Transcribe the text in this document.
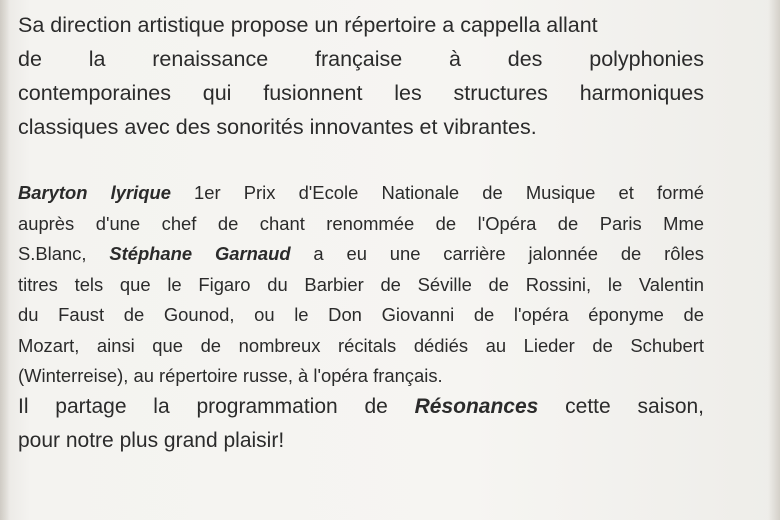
Sa direction artistique propose un répertoire a cappella allant
de la renaissance française à des polyphonies
contemporaines qui fusionnent les structures harmoniques
classiques avec des sonorités innovantes et vibrantes.

Baryton lyrique 1er Prix d'Ecole Nationale de Musique et formé
auprès d'une chef de chant renommée de l'Opéra de Paris Mme
S.Blanc, Stéphane Garnaud a eu une carrière jalonnée de rôles
titres tels que le Figaro du Barbier de Séville de Rossini, le Valentin
du Faust de Gounod, ou le Don Giovanni de l'opéra éponyme de
Mozart, ainsi que de nombreux récitals dédiés au Lieder de Schubert
(Winterreise), au répertoire russe, à l'opéra français.

Il partage la programmation de Résonances cette saison,
pour notre plus grand plaisir!
